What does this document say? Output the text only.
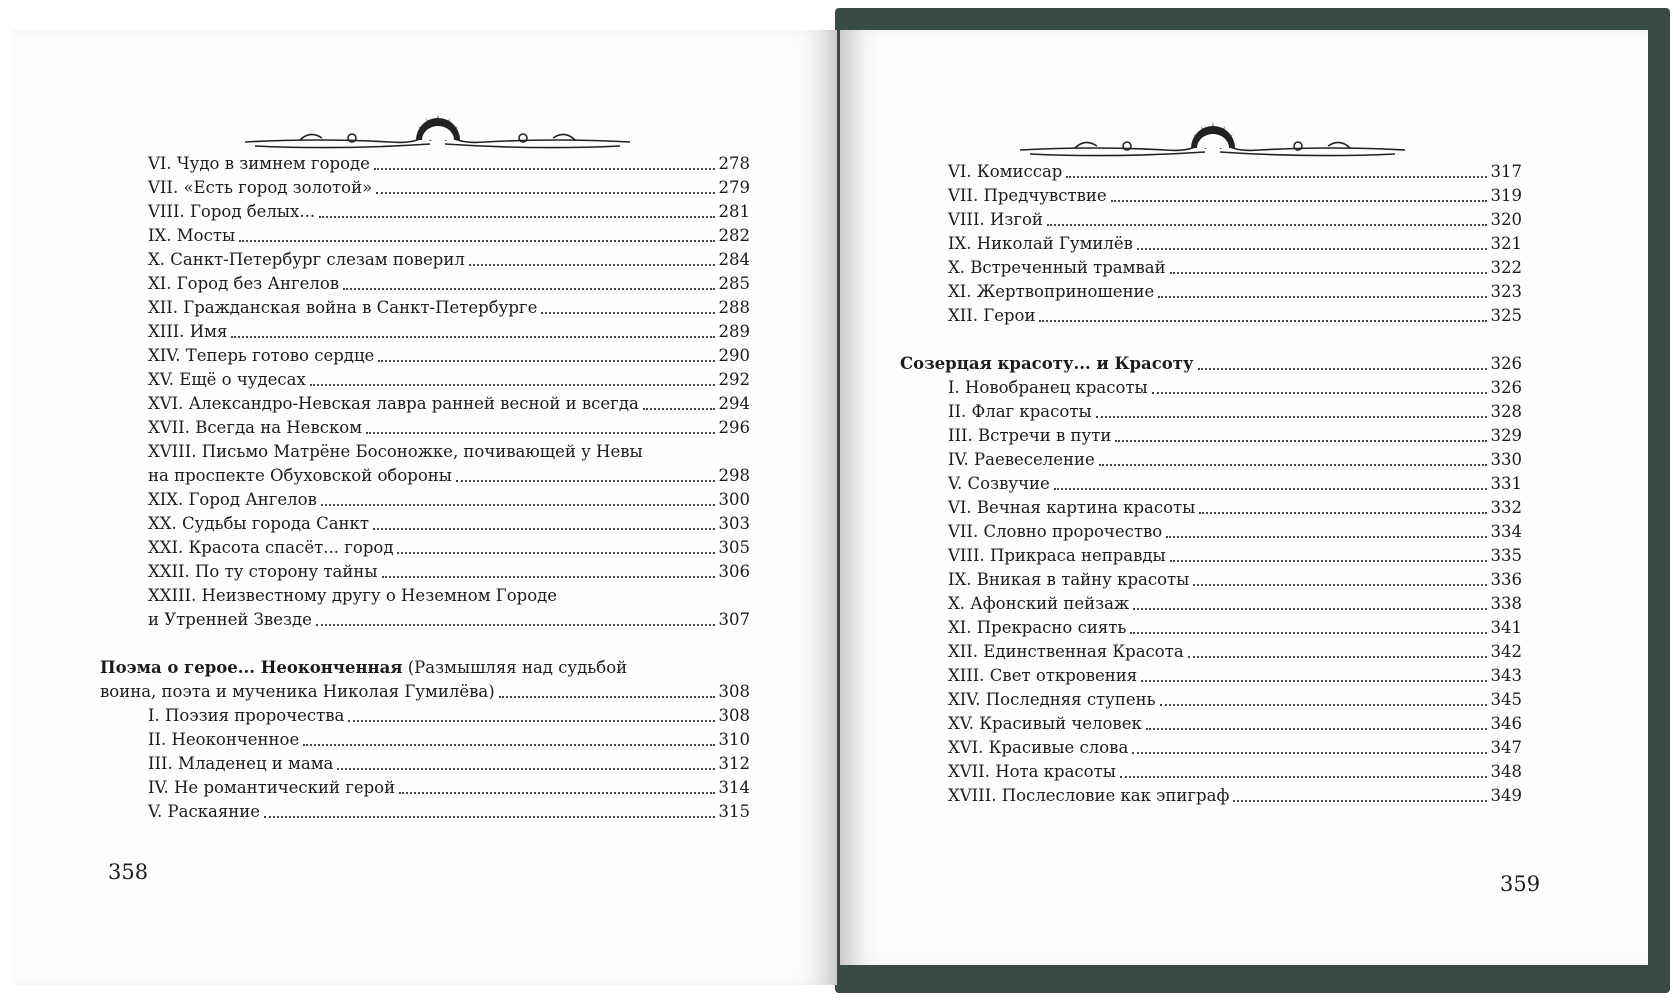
VI. Чудо в зимнем городе	278
VII. «Есть город золотой»	279
VIII. Город белых...	281
IX. Мосты	282
X. Санкт-Петербург слезам поверил	284
XI. Город без Ангелов	285
XII. Гражданская война в Санкт-Петербурге	288
XIII. Имя	289
XIV. Теперь готово сердце	290
XV. Ещё о чудесах	292
XVI. Александро-Невская лавра ранней весной и всегда	294
XVII. Всегда на Невском	296
XVIII. Письмо Матрёне Босоножке, почивающей у Невы
на проспекте Обуховской обороны	298
XIX. Город Ангелов	300
XX. Судьбы города Санкт	303
XXI. Красота спасёт... город	305
XXII. По ту сторону тайны	306
XXIII. Неизвестному другу о Неземном Городе
и Утренней Звезде	307
Поэма о герое... Неоконченная (Размышляя над судьбой
воина, поэта и мученика Николая Гумилёва)	308
I. Поэзия пророчества	308
II. Неоконченное	310
III. Младенец и мама	312
IV. Не романтический герой	314
V. Раскаяние	315
358
VI. Комиссар	317
VII. Предчувствие	319
VIII. Изгой	320
IX. Николай Гумилёв	321
X. Встреченный трамвай	322
XI. Жертвоприношение	323
XII. Герои	325
Созерцая красоту... и Красоту	326
I. Новобранец красоты	326
II. Флаг красоты	328
III. Встречи в пути	329
IV. Раевеселение	330
V. Созвучие	331
VI. Вечная картина красоты	332
VII. Словно пророчество	334
VIII. Прикраса неправды	335
IX. Вникая в тайну красоты	336
X. Афонский пейзаж	338
XI. Прекрасно сиять	341
XII. Единственная Красота	342
XIII. Свет откровения	343
XIV. Последняя ступень	345
XV. Красивый человек	346
XVI. Красивые слова	347
XVII. Нота красоты	348
XVIII. Послесловие как эпиграф	349
359
